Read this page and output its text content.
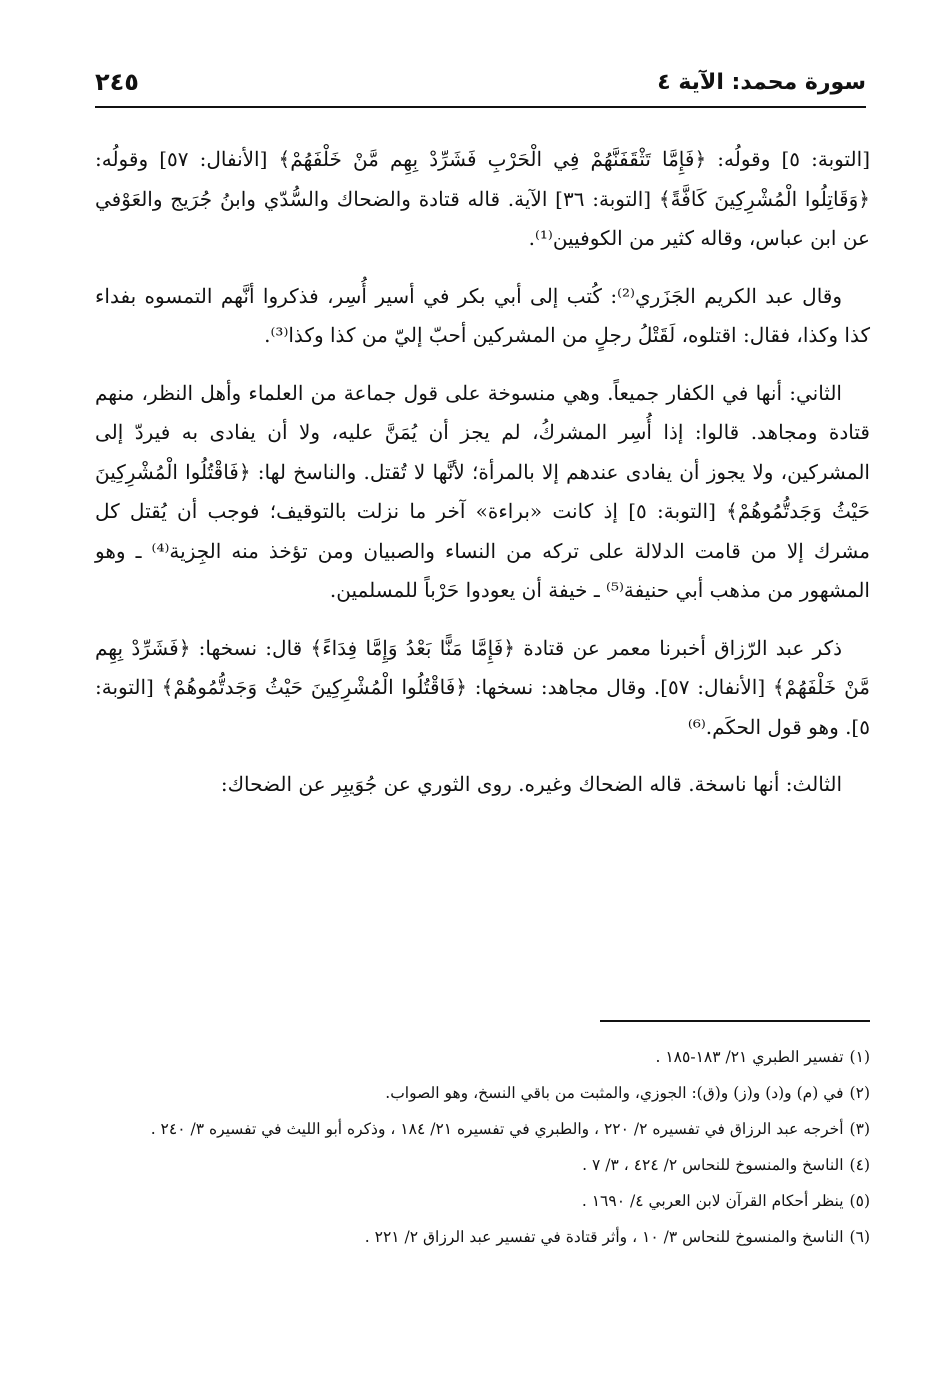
سورة محمد: الآية ٤
٢٤٥

[التوبة: ٥] وقولُه: ﴿فَإِمَّا تَثْقَفَنَّهُمْ فِي الْحَرْبِ فَشَرِّدْ بِهِم مَّنْ خَلْفَهُمْ﴾ [الأنفال: ٥٧] وقولُه: ﴿وَقَاتِلُوا الْمُشْرِكِينَ كَافَّةً﴾ [التوبة: ٣٦] الآية. قاله قتادة والضحاك والسُّدّي وابنُ جُرَيج والعَوْفي عن ابن عباس، وقاله كثير من الكوفيين⁽¹⁾.

وقال عبد الكريم الجَزَري⁽²⁾: كُتب إلى أبي بكر في أسير أُسِر، فذكروا أنَّهم التمسوه بفداء كذا وكذا، فقال: اقتلوه، لَقَتْلُ رجلٍ من المشركين أحبّ إليّ من كذا وكذا⁽³⁾.

الثاني: أنها في الكفار جميعاً. وهي منسوخة على قول جماعة من العلماء وأهل النظر، منهم قتادة ومجاهد. قالوا: إذا أُسِر المشركُ، لم يجز أن يُمَنَّ عليه، ولا أن يفادى به فيردّ إلى المشركين، ولا يجوز أن يفادى عندهم إلا بالمرأة؛ لأنَّها لا تُقتل. والناسخ لها: ﴿فَاقْتُلُوا الْمُشْرِكِينَ حَيْثُ وَجَدتُّمُوهُمْ﴾ [التوبة: ٥] إذ كانت «براءة» آخر ما نزلت بالتوقيف؛ فوجب أن يُقتل كل مشرك إلا من قامت الدلالة على تركه من النساء والصبيان ومن تؤخذ منه الجِزية⁽⁴⁾ ـ وهو المشهور من مذهب أبي حنيفة⁽⁵⁾ ـ خيفة أن يعودوا حَرْباً للمسلمين.

ذكر عبد الرّزاق أخبرنا معمر عن قتادة ﴿فَإِمَّا مَنًّا بَعْدُ وَإِمَّا فِدَاءً﴾ قال: نسخها: ﴿فَشَرِّدْ بِهِم مَّنْ خَلْفَهُمْ﴾ [الأنفال: ٥٧]. وقال مجاهد: نسخها: ﴿فَاقْتُلُوا الْمُشْرِكِينَ حَيْثُ وَجَدتُّمُوهُمْ﴾ [التوبة: ٥]. وهو قول الحكَم.⁽⁶⁾

الثالث: أنها ناسخة. قاله الضحاك وغيره. روى الثوري عن جُوَيبِر عن الضحاك:

(١)تفسير الطبري ٢١/ ١٨٣-١٨٥ .
(٢)في (م) و(د) و(ز) و(ق): الجوزي، والمثبت من باقي النسخ، وهو الصواب.
(٣)أخرجه عبد الرزاق في تفسيره ٢/ ٢٢٠ ، والطبري في تفسيره ٢١/ ١٨٤ ، وذكره أبو الليث في تفسيره ٣/ ٢٤٠ .
(٤)الناسخ والمنسوخ للنحاس ٢/ ٤٢٤ ، ٣/ ٧ .
(٥)ينظر أحكام القرآن لابن العربي ٤/ ١٦٩٠ .
(٦)الناسخ والمنسوخ للنحاس ٣/ ١٠ ، وأثر قتادة في تفسير عبد الرزاق ٢/ ٢٢١ .
